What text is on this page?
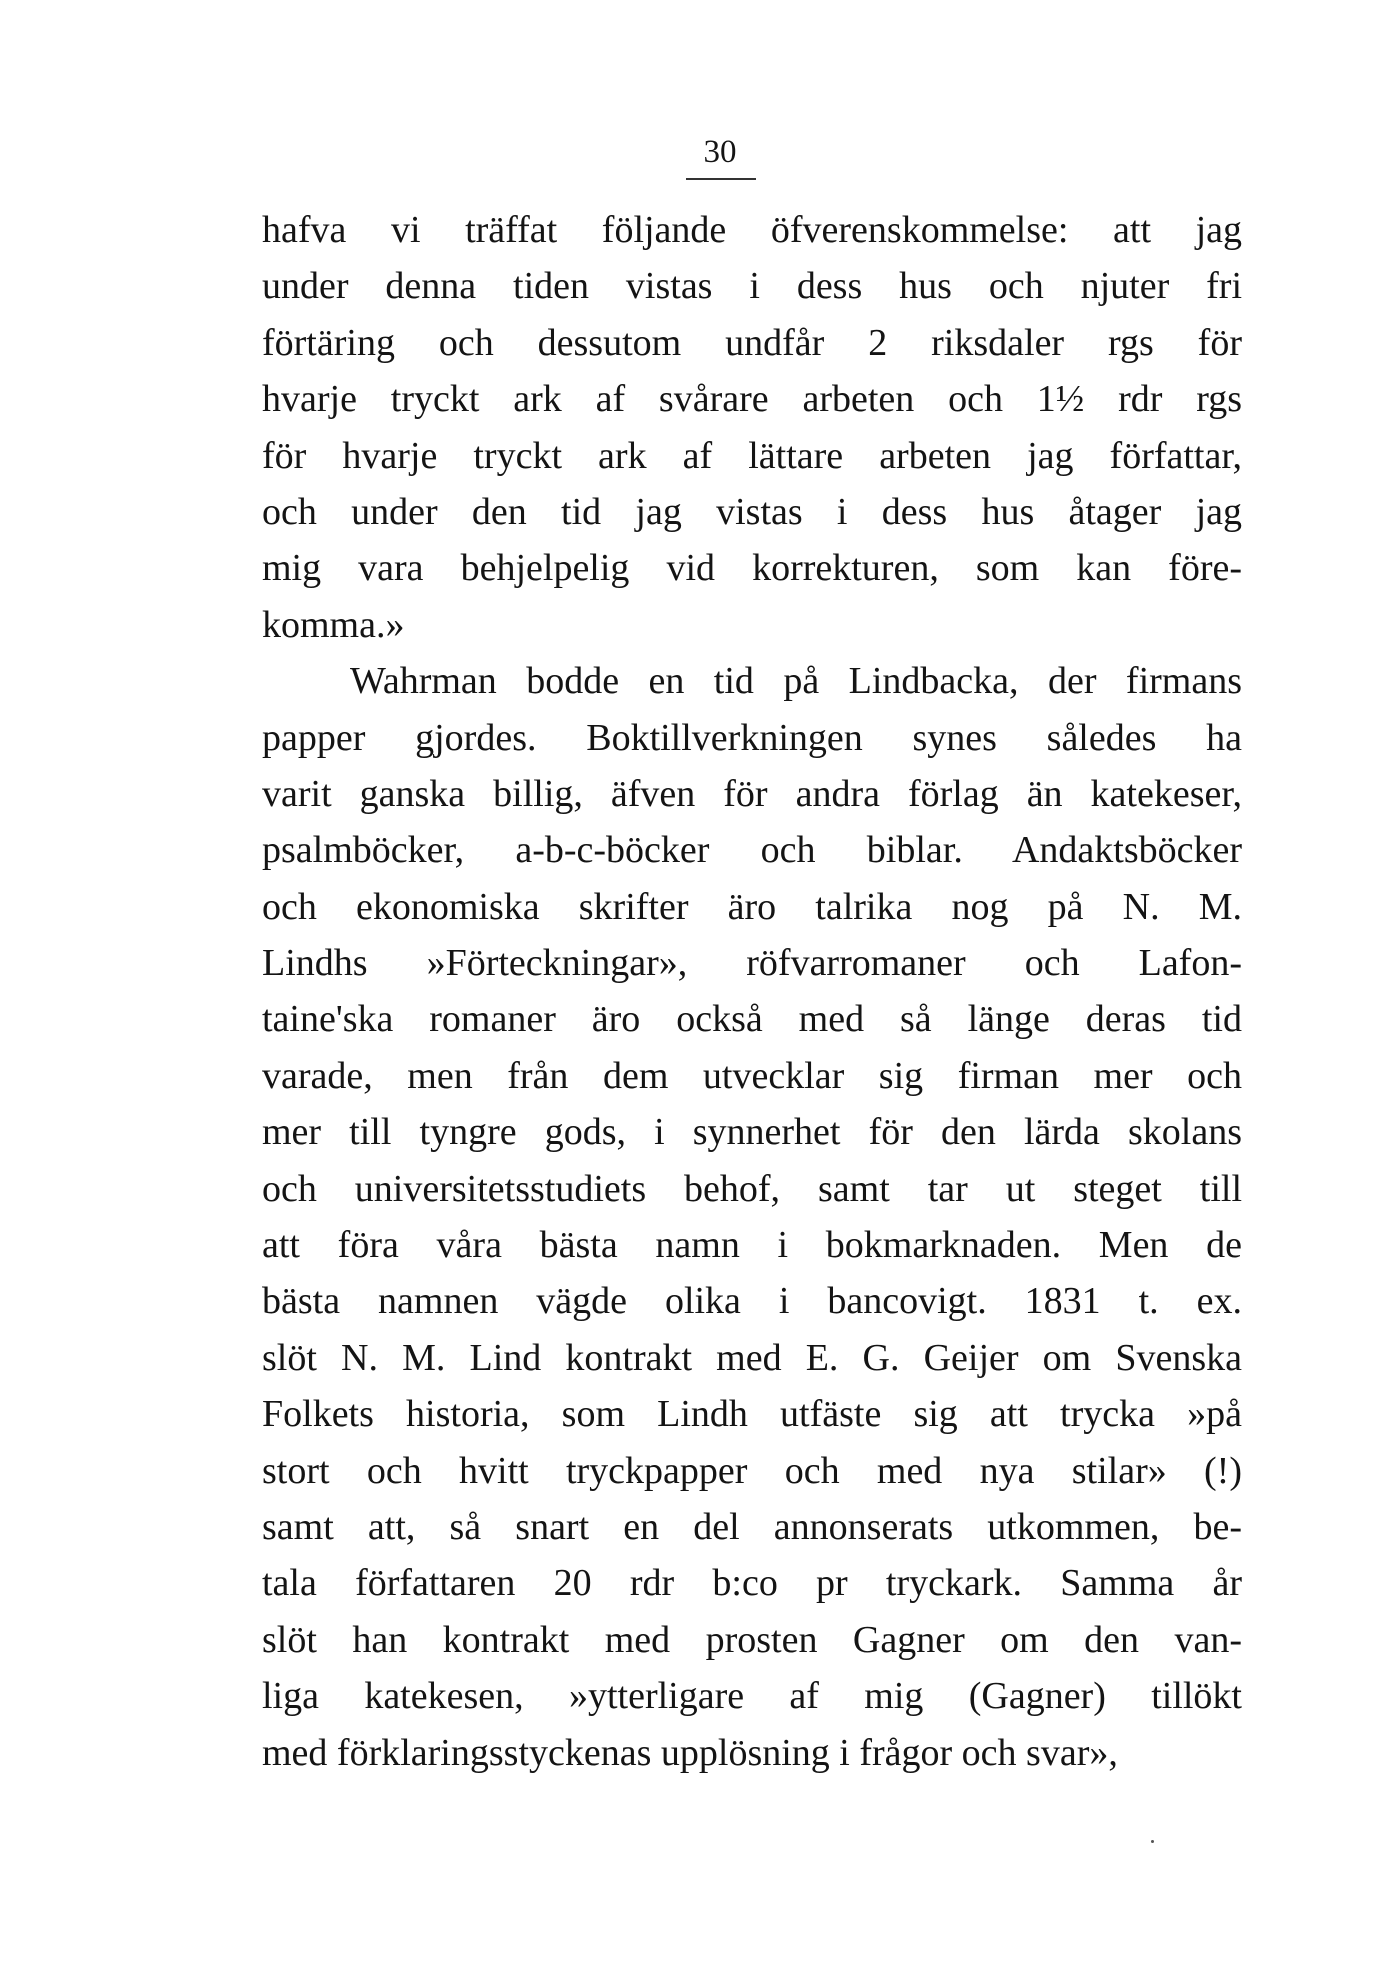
30
hafva vi träffat följande öfverenskommelse: att jag
under denna tiden vistas i dess hus och njuter fri
förtäring och dessutom undfår 2 riksdaler rgs för
hvarje tryckt ark af svårare arbeten och 1½ rdr rgs
för hvarje tryckt ark af lättare arbeten jag författar,
och under den tid jag vistas i dess hus åtager jag
mig vara behjelpelig vid korrekturen, som kan före-
komma.»
Wahrman bodde en tid på Lindbacka, der firmans
papper gjordes. Boktillverkningen synes således ha
varit ganska billig, äfven för andra förlag än katekeser,
psalmböcker, a-b-c-böcker och biblar. Andaktsböcker
och ekonomiska skrifter äro talrika nog på N. M.
Lindhs »Förteckningar», röfvarromaner och Lafon-
taine'ska romaner äro också med så länge deras tid
varade, men från dem utvecklar sig firman mer och
mer till tyngre gods, i synnerhet för den lärda skolans
och universitetsstudiets behof, samt tar ut steget till
att föra våra bästa namn i bokmarknaden. Men de
bästa namnen vägde olika i bancovigt. 1831 t. ex.
slöt N. M. Lind kontrakt med E. G. Geijer om Svenska
Folkets historia, som Lindh utfäste sig att trycka »på
stort och hvitt tryckpapper och med nya stilar» (!)
samt att, så snart en del annonserats utkommen, be-
tala författaren 20 rdr b:co pr tryckark. Samma år
slöt han kontrakt med prosten Gagner om den van-
liga katekesen, »ytterligare af mig (Gagner) tillökt
med förklaringsstyckenas upplösning i frågor och svar»,
